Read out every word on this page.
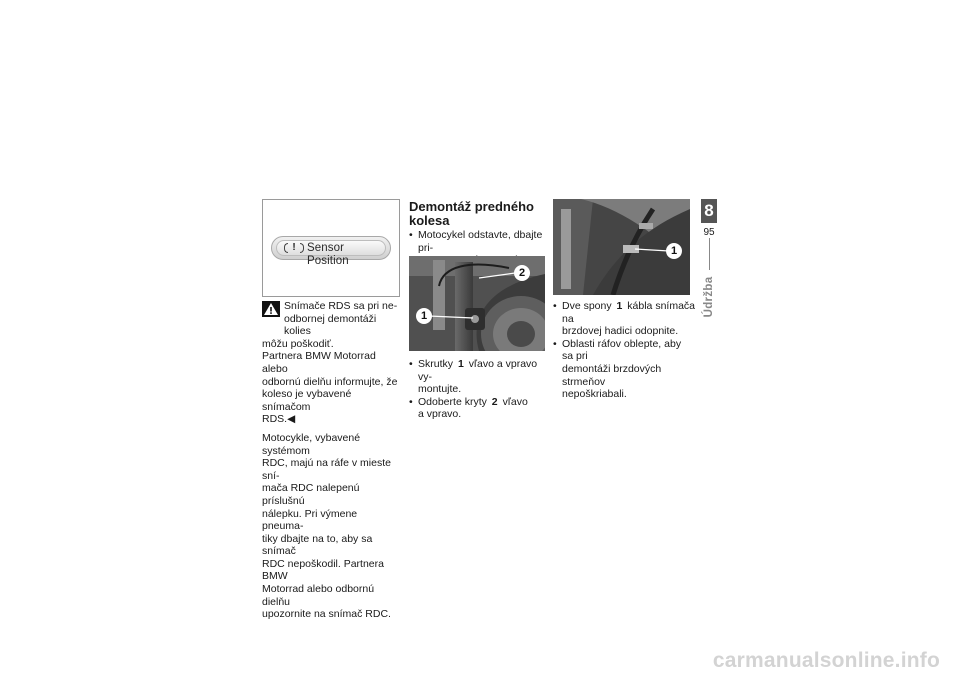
! Sensor Position

Snímače RDS sa pri ne-

odbornej demontáži kolies

môžu poškodiť.

Partnera BMW Motorrad alebo

odbornú dielňu informujte, že

koleso je vybavené snímačom

RDS.◀

Motocykle, vybavené systémom

RDC, majú na ráfe v mieste sní-

mača RDC nalepenú príslušnú

nálepku. Pri výmene pneuma-

tiky dbajte na to, aby sa snímač

RDC nepoškodil. Partnera BMW

Motorrad alebo odbornú dielňu

upozornite na snímač RDC.

Demontáž predného
kolesa

• Motocykel odstavte, dbajte pri-

1
2

• Skrutky 1 vľavo a vpravo vy-
montujte.

• Odoberte kryty 2 vľavo
a vpravo.

1

• Dve spony 1 kábla snímača na
brzdovej hadici odopnite.

• Oblasti ráfov oblepte, aby sa pri
demontáži brzdových strmeňov
nepoškriabali.

8
95
Údržba
carmanualsonline.info
